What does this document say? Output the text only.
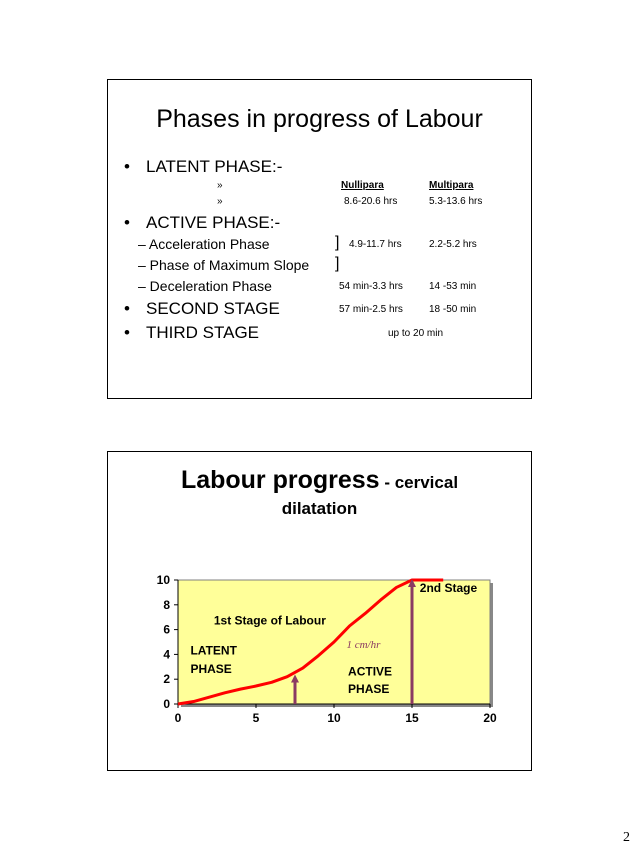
Phases in progress of Labour
• LATENT PHASE:-
»	Nullipara	Multipara
»	8.6-20.6 hrs	5.3-13.6 hrs
• ACTIVE PHASE:-
– Acceleration Phase	] 4.9-11.7 hrs	2.2-5.2 hrs
– Phase of Maximum Slope ]
– Deceleration Phase	54 min-3.3 hrs	14 -53 min
• SECOND STAGE	57 min-2.5 hrs	18 -50 min
• THIRD STAGE	up to 20 min
Labour progress - cervical
dilatation
0
2
4
6
8
10
0	5	10	15	20
1st Stage of Labour
LATENT
PHASE
1 cm/hr
ACTIVE
PHASE
2nd Stage
2
